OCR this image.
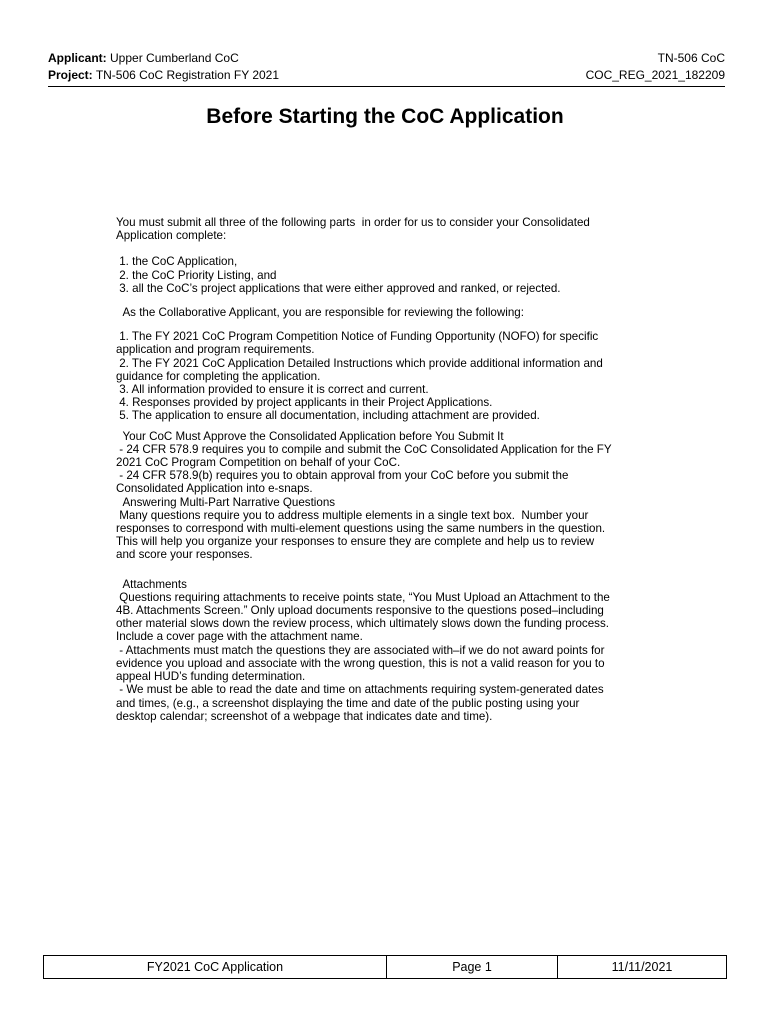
Applicant: Upper Cumberland CoC
Project: TN-506 CoC Registration FY 2021
TN-506 CoC
COC_REG_2021_182209
Before Starting the CoC Application

You must submit all three of the following parts  in order for us to consider your Consolidated

Application complete:

1. the CoC Application,

2. the CoC Priority Listing, and

3. all the CoC’s project applications that were either approved and ranked, or rejected.

As the Collaborative Applicant, you are responsible for reviewing the following:

1. The FY 2021 CoC Program Competition Notice of Funding Opportunity (NOFO) for specific

application and program requirements.

2. The FY 2021 CoC Application Detailed Instructions which provide additional information and

guidance for completing the application.

3. All information provided to ensure it is correct and current.

4. Responses provided by project applicants in their Project Applications.

5. The application to ensure all documentation, including attachment are provided.

Your CoC Must Approve the Consolidated Application before You Submit It

- 24 CFR 578.9 requires you to compile and submit the CoC Consolidated Application for the FY

2021 CoC Program Competition on behalf of your CoC.

- 24 CFR 578.9(b) requires you to obtain approval from your CoC before you submit the

Consolidated Application into e-snaps.

Answering Multi-Part Narrative Questions

Many questions require you to address multiple elements in a single text box.  Number your

responses to correspond with multi-element questions using the same numbers in the question.

This will help you organize your responses to ensure they are complete and help us to review

and score your responses.

Attachments

Questions requiring attachments to receive points state, “You Must Upload an Attachment to the

4B. Attachments Screen.” Only upload documents responsive to the questions posed–including

other material slows down the review process, which ultimately slows down the funding process.

Include a cover page with the attachment name.

- Attachments must match the questions they are associated with–if we do not award points for

evidence you upload and associate with the wrong question, this is not a valid reason for you to

appeal HUD’s funding determination.

- We must be able to read the date and time on attachments requiring system-generated dates

and times, (e.g., a screenshot displaying the time and date of the public posting using your

desktop calendar; screenshot of a webpage that indicates date and time).

FY2021 CoC Application	Page 1	11/11/2021
